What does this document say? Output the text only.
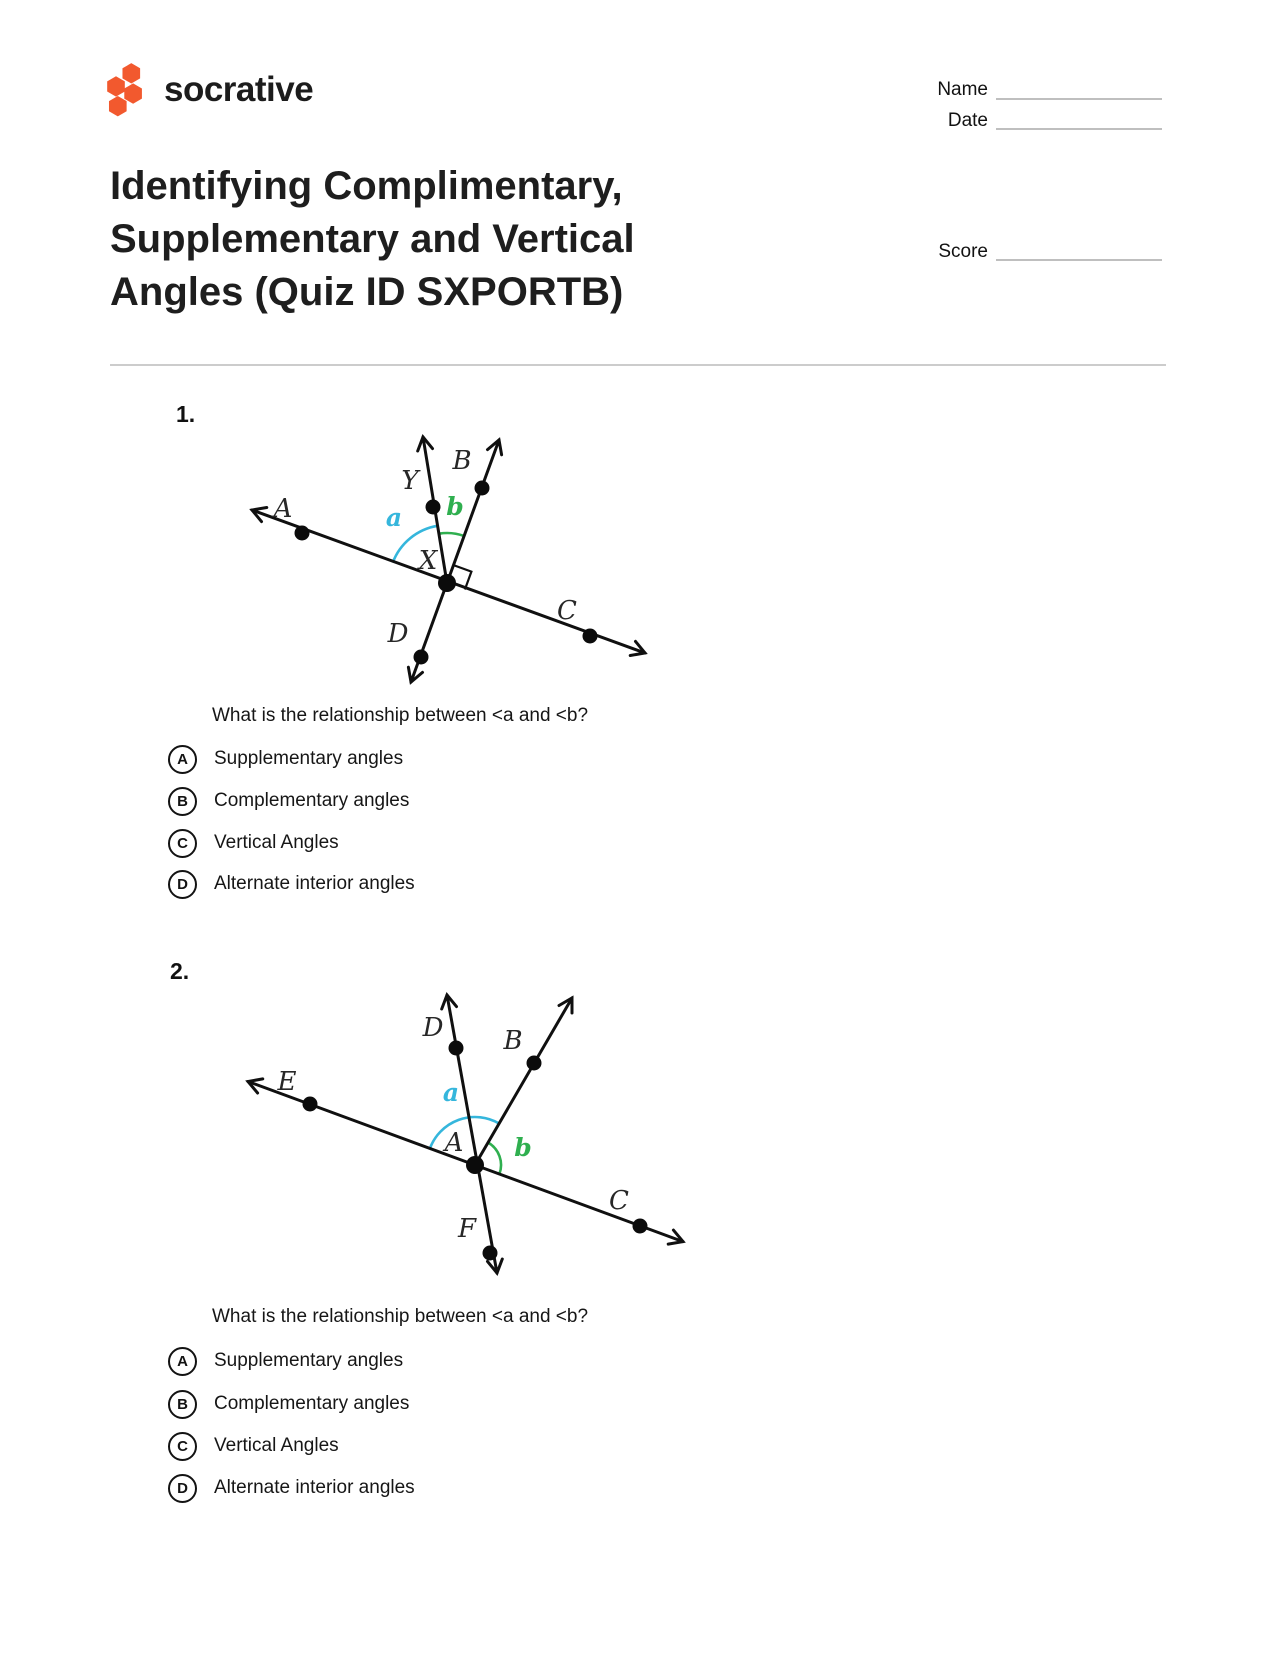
socrative	Name
Date
Score
Identifying Complimentary,
Supplementary and Vertical
Angles (Quiz ID SXPORTB)
1.
A
Y
B
X
D
C
a b
What is the relationship between <a and <b?
A	Supplementary angles
B	Complementary angles
C	Vertical Angles
D	Alternate interior angles
2.
E
D B
A
F
C
a
b
What is the relationship between <a and <b?
A	Supplementary angles
B	Complementary angles
C	Vertical Angles
D	Alternate interior angles
